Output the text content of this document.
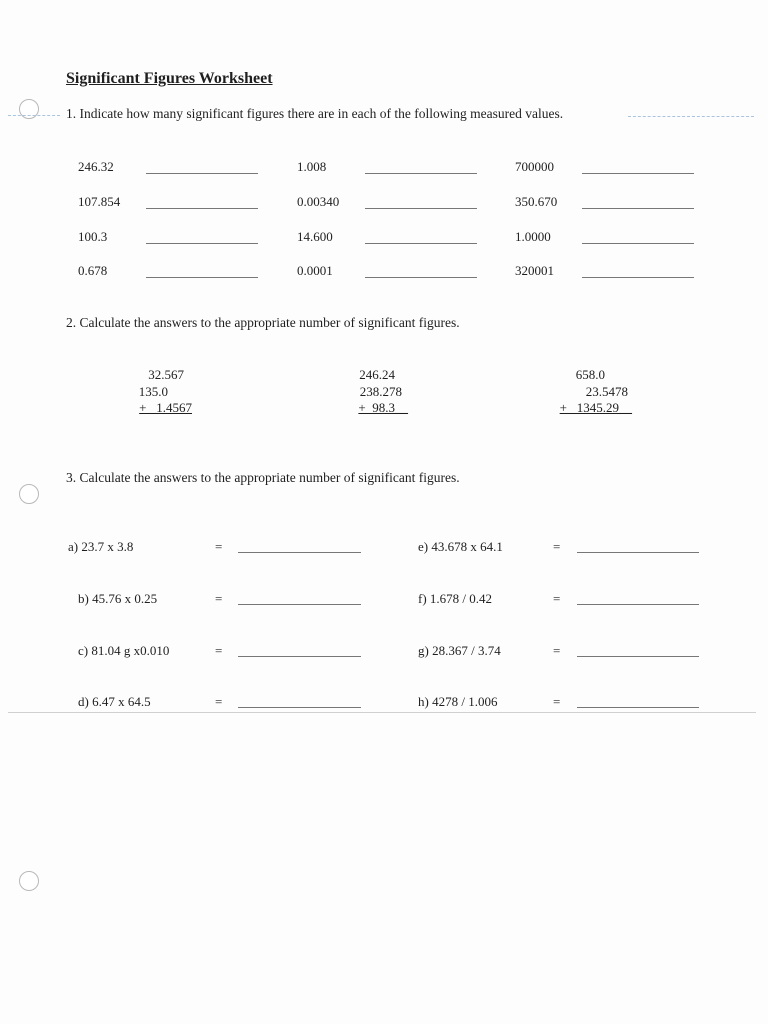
Significant Figures Worksheet
1. Indicate how many significant figures there are in each of the following measured values.
246.32	1.008	700000
107.854	0.00340	350.670
100.3	14.600	1.0000
0.678	0.0001	320001
2. Calculate the answers to the appropriate number of significant figures.
32.567
135.0
+   1.4567
246.24
238.278
+  98.3__
658.0
23.5478
+   1345.29__
3. Calculate the answers to the appropriate number of significant figures.
a) 23.7 x 3.8	=
b) 45.76 x 0.25	=
c) 81.04 g x0.010	=
d) 6.47 x 64.5	=
e) 43.678 x 64.1	=
f) 1.678 / 0.42	=
g) 28.367 / 3.74	=
h) 4278 / 1.006	=
